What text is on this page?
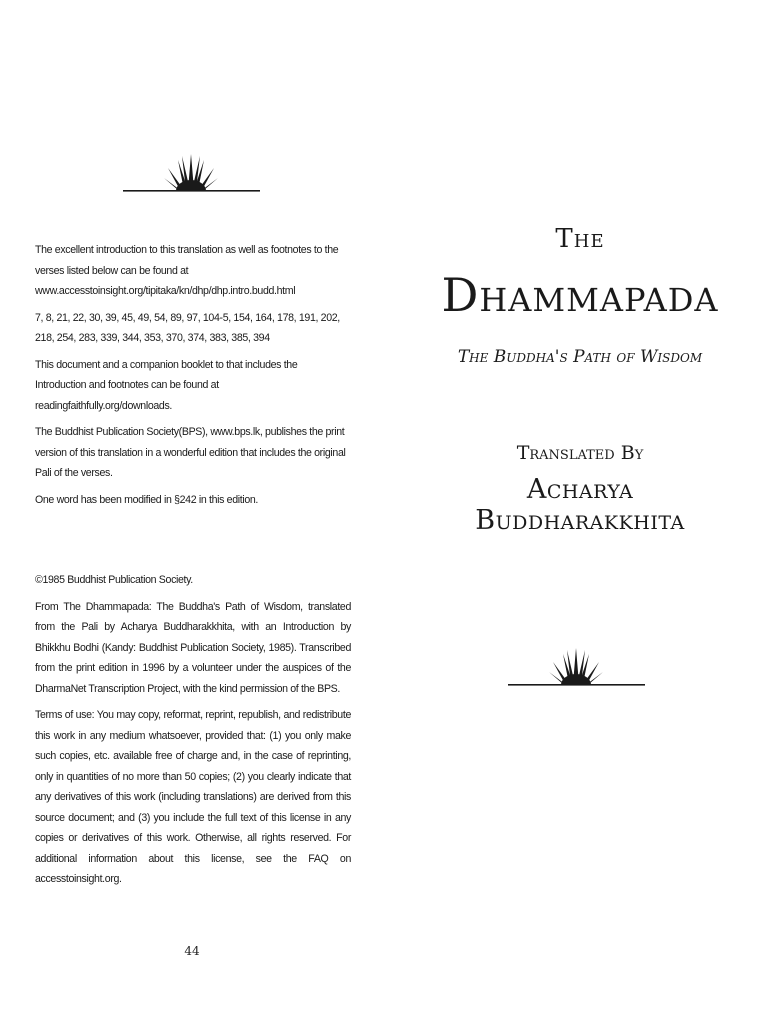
The excellent introduction to this translation as well as footnotes to the verses listed below can be found at
www.accesstoinsight.org/tipitaka/kn/dhp/dhp.intro.budd.html

7, 8, 21, 22, 30, 39, 45, 49, 54, 89, 97, 104-5, 154, 164, 178, 191, 202, 218, 254, 283, 339, 344, 353, 370, 374, 383, 385, 394

This document and a companion booklet to that includes the Introduction and footnotes can be found at readingfaithfully.org/downloads.

The Buddhist Publication Society(BPS), www.bps.lk, publishes the print version of this translation in a wonderful edition that includes the original Pali of the verses.

One word has been modified in §242 in this edition.

©1985 Buddhist Publication Society.

From The Dhammapada: The Buddha's Path of Wisdom, translated from the Pali by Acharya Buddharakkhita, with an Introduction by Bhikkhu Bodhi (Kandy: Buddhist Publication Society, 1985). Transcribed from the print edition in 1996 by a volunteer under the auspices of the DharmaNet Transcription Project, with the kind permission of the BPS.

Terms of use: You may copy, reformat, reprint, republish, and redistribute this work in any medium whatsoever, provided that: (1) you only make such copies, etc. available free of charge and, in the case of reprinting, only in quantities of no more than 50 copies; (2) you clearly indicate that any derivatives of this work (including translations) are derived from this source document; and (3) you include the full text of this license in any copies or derivatives of this work. Otherwise, all rights reserved. For additional information about this license, see the FAQ on accesstoinsight.org.

44
The
Dhammapada
The Buddha's Path of Wisdom
Translated By
Acharya Buddharakkhita
